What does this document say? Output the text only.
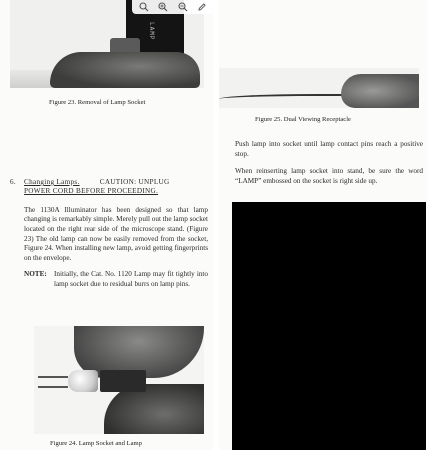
LAMP
Figure 23. Removal of Lamp Socket
6. Changing Lamps.	CAUTION: UNPLUG
POWER CORD BEFORE PROCEEDING.

The 1130A Illuminator has been designed so that lamp changing is remarkably simple. Merely pull out the lamp socket located on the right rear side of the microscope stand. (Figure 23) The old lamp can now be easily removed from the socket, Figure 24. When installing new lamp, avoid getting fingerprints on the envelope.

NOTE:	Initially, the Cat. No. 1120 Lamp may fit tightly into lamp socket due to residual burrs on lamp pins.
Figure 24. Lamp Socket and Lamp
Figure 25. Dual Viewing Receptacle

Push lamp into socket until lamp contact pins reach a positive stop.

When reinserting lamp socket into stand, be sure the word “LAMP” embossed on the socket is right side up.
